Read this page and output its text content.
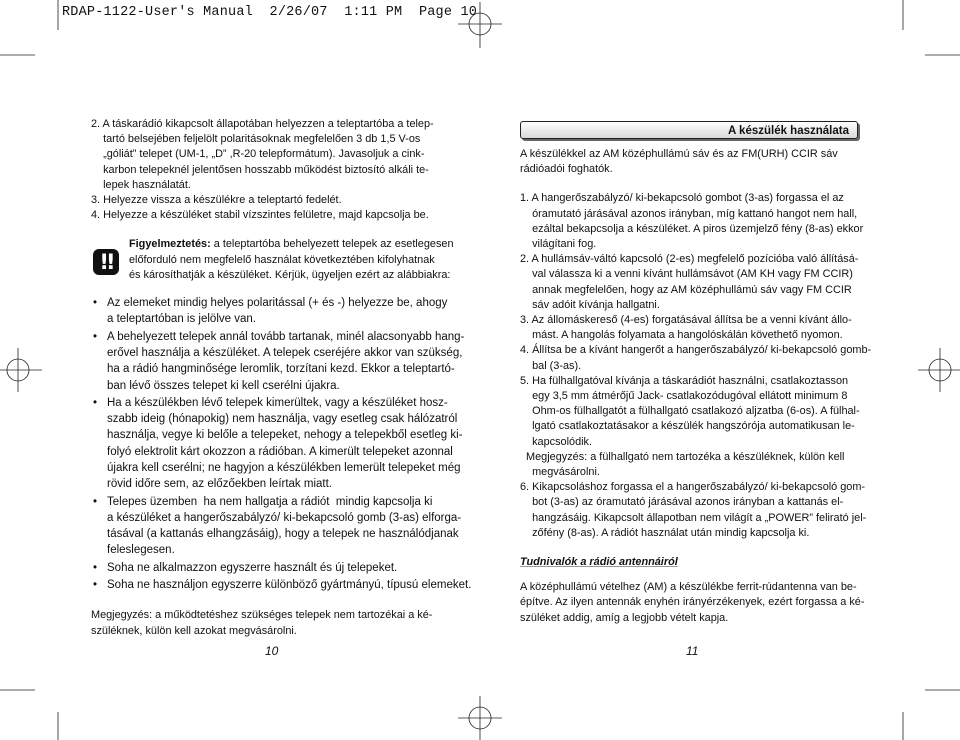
RDAP-1122-User's Manual  2/26/07  1:11 PM  Page 10
2. A táskarádió kikapcsolt állapotában helyezzen a teleptartóba a telep-
tartó belsejében feljelölt polaritásoknak megfelelően 3 db 1,5 V-os
„góliát” telepet (UM-1, „D” ,R-20 telepformátum). Javasoljuk a cink-
karbon telepeknél jelentősen hosszabb működést biztosító alkáli te-
lepek használatát.
3. Helyezze vissza a készülékre a teleptartó fedelét.
4. Helyezze a készüléket stabil vízszintes felületre, majd kapcsolja be.
!!
Figyelmeztetés: a teleptartóba behelyezett telepek az esetlegesen
előforduló nem megfelelő használat következtében kifolyhatnak
és károsíthatják a készüléket. Kérjük, ügyeljen ezért az alábbiakra:
• Az elemeket mindig helyes polaritással (+ és -) helyezze be, ahogy
a teleptartóban is jelölve van.
• A behelyezett telepek annál tovább tartanak, minél alacsonyabb hang-
erővel használja a készüléket. A telepek cseréjére akkor van szükség,
ha a rádió hangminősége leromlik, torzítani kezd. Ekkor a teleptartó-
ban lévő összes telepet ki kell cserélni újakra.
• Ha a készülékben lévő telepek kimerültek, vagy a készüléket hosz-
szabb ideig (hónapokig) nem használja, vagy esetleg csak hálózatról
használja, vegye ki belőle a telepeket, nehogy a telepekből esetleg ki-
folyó elektrolit kárt okozzon a rádióban. A kimerült telepeket azonnal
újakra kell cserélni; ne hagyjon a készülékben lemerült telepeket még
rövid időre sem, az előzőekben leírtak miatt.
• Telepes üzemben  ha nem hallgatja a rádiót  mindig kapcsolja ki
a készüléket a hangerőszabályzó/ ki-bekapcsoló gomb (3-as) elforga-
tásával (a kattanás elhangzásáig), hogy a telepek ne használódjanak
feleslegesen.
• Soha ne alkalmazzon egyszerre használt és új telepeket.
• Soha ne használjon egyszerre különböző gyártmányú, típusú elemeket.
Megjegyzés: a működtetéshez szükséges telepek nem tartozékai a ké-
szüléknek, külön kell azokat megvásárolni.
A készülék használata
A készülékkel az AM középhullámú sáv és az FM(URH) CCIR sáv
rádióadói foghatók.
1. A hangerőszabályzó/ ki-bekapcsoló gombot (3-as) forgassa el az
óramutató járásával azonos irányban, míg kattanó hangot nem hall,
ezáltal bekapcsolja a készüléket. A piros üzemjelző fény (8-as) ekkor
világítani fog.
2. A hullámsáv-váltó kapcsoló (2-es) megfelelő pozícióba való állításá-
val válassza ki a venni kívánt hullámsávot (AM KH vagy FM CCIR)
annak megfelelően, hogy az AM középhullámú sáv vagy FM CCIR
sáv adóit kívánja hallgatni.
3. Az állomáskereső (4-es) forgatásával állítsa be a venni kívánt állo-
mást. A hangolás folyamata a hangolóskálán követhető nyomon.
4. Állítsa be a kívánt hangerőt a hangerőszabályzó/ ki-bekapcsoló gomb-
bal (3-as).
5. Ha fülhallgatóval kívánja a táskarádiót használni, csatlakoztasson
egy 3,5 mm átmérőjű Jack- csatlakozódugóval ellátott minimum 8
Ohm-os fülhallgatót a fülhallgató csatlakozó aljzatba (6-os). A fülhal-
lgató csatlakoztatásakor a készülék hangszórója automatikusan le-
kapcsolódik.
Megjegyzés: a fülhallgató nem tartozéka a készüléknek, külön kell
megvásárolni.
6. Kikapcsoláshoz forgassa el a hangerőszabályzó/ ki-bekapcsoló gom-
bot (3-as) az óramutató járásával azonos irányban a kattanás el-
hangzásáig. Kikapcsolt állapotban nem világít a „POWER” felirató jel-
zőfény (8-as). A rádiót használat után mindig kapcsolja ki.
Tudnivalók a rádió antennáiról
A középhullámú vételhez (AM) a készülékbe ferrit-rúdantenna van be-
építve. Az ilyen antennák enyhén irányérzékenyek, ezért forgassa a ké-
szüléket addig, amíg a legjobb vételt kapja.
10	11
